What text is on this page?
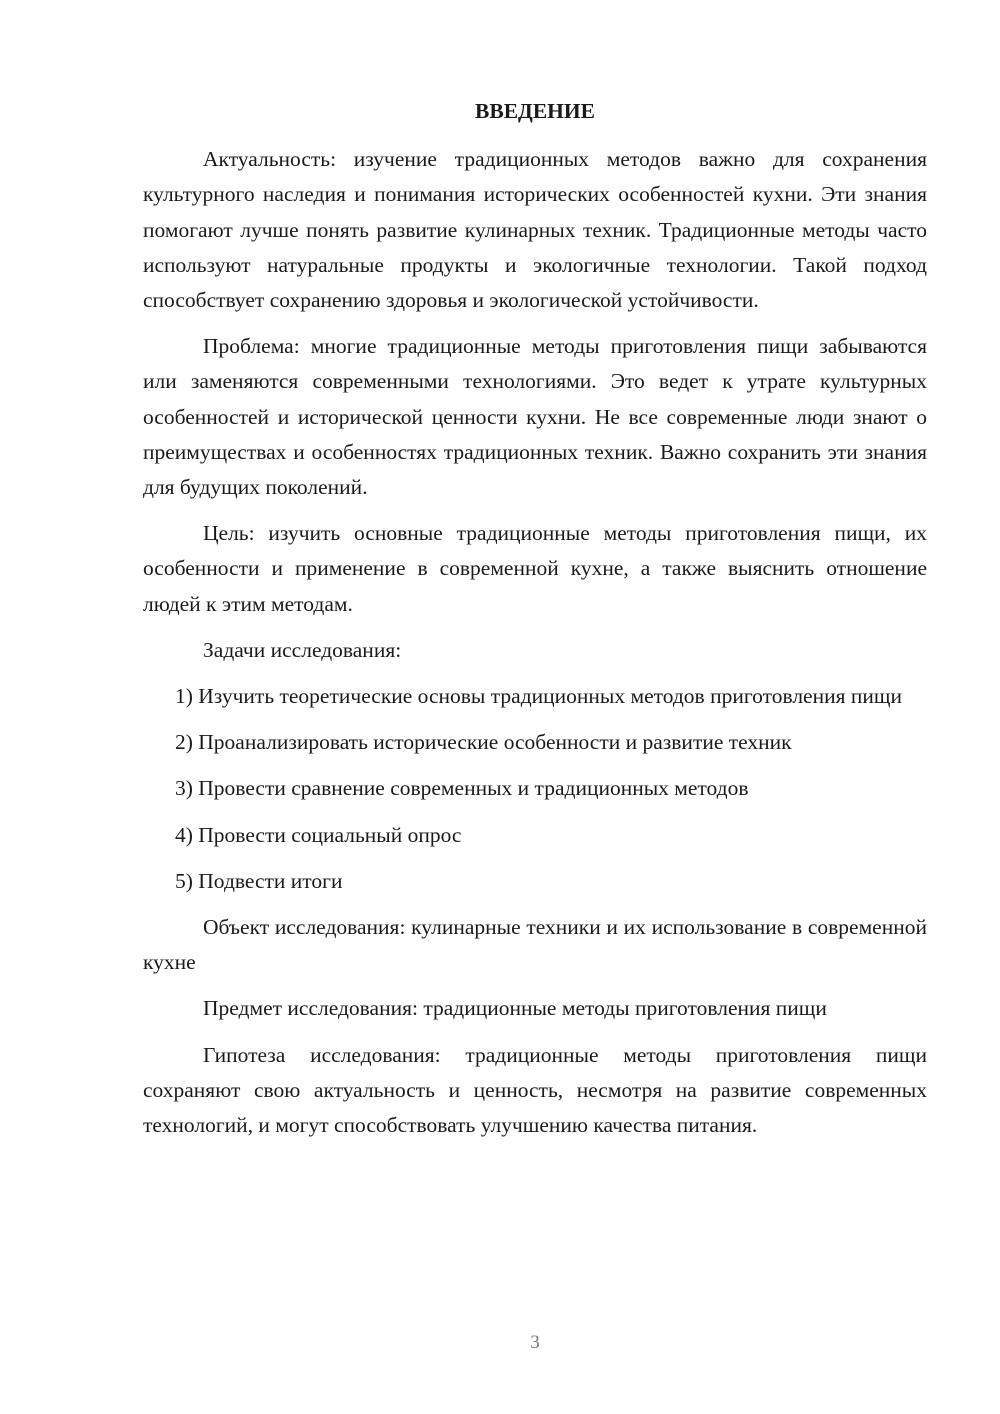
ВВЕДЕНИЕ

Актуальность: изучение традиционных методов важно для сохранения культурного наследия и понимания исторических особенностей кухни. Эти знания помогают лучше понять развитие кулинарных техник. Традиционные методы часто используют натуральные продукты и экологичные технологии. Такой подход способствует сохранению здоровья и экологической устойчивости.

Проблема: многие традиционные методы приготовления пищи забываются или заменяются современными технологиями. Это ведет к утрате культурных особенностей и исторической ценности кухни. Не все современные люди знают о преимуществах и особенностях традиционных техник. Важно сохранить эти знания для будущих поколений.

Цель: изучить основные традиционные методы приготовления пищи, их особенности и применение в современной кухне, а также выяснить отношение людей к этим методам.

Задачи исследования:

1) Изучить теоретические основы традиционных методов приготовления пищи

2) Проанализировать исторические особенности и развитие техник

3) Провести сравнение современных и традиционных методов

4) Провести социальный опрос

5) Подвести итоги

Объект исследования: кулинарные техники и их использование в современной кухне

Предмет исследования: традиционные методы приготовления пищи

Гипотеза исследования: традиционные методы приготовления пищи сохраняют свою актуальность и ценность, несмотря на развитие современных технологий, и могут способствовать улучшению качества питания.

3
